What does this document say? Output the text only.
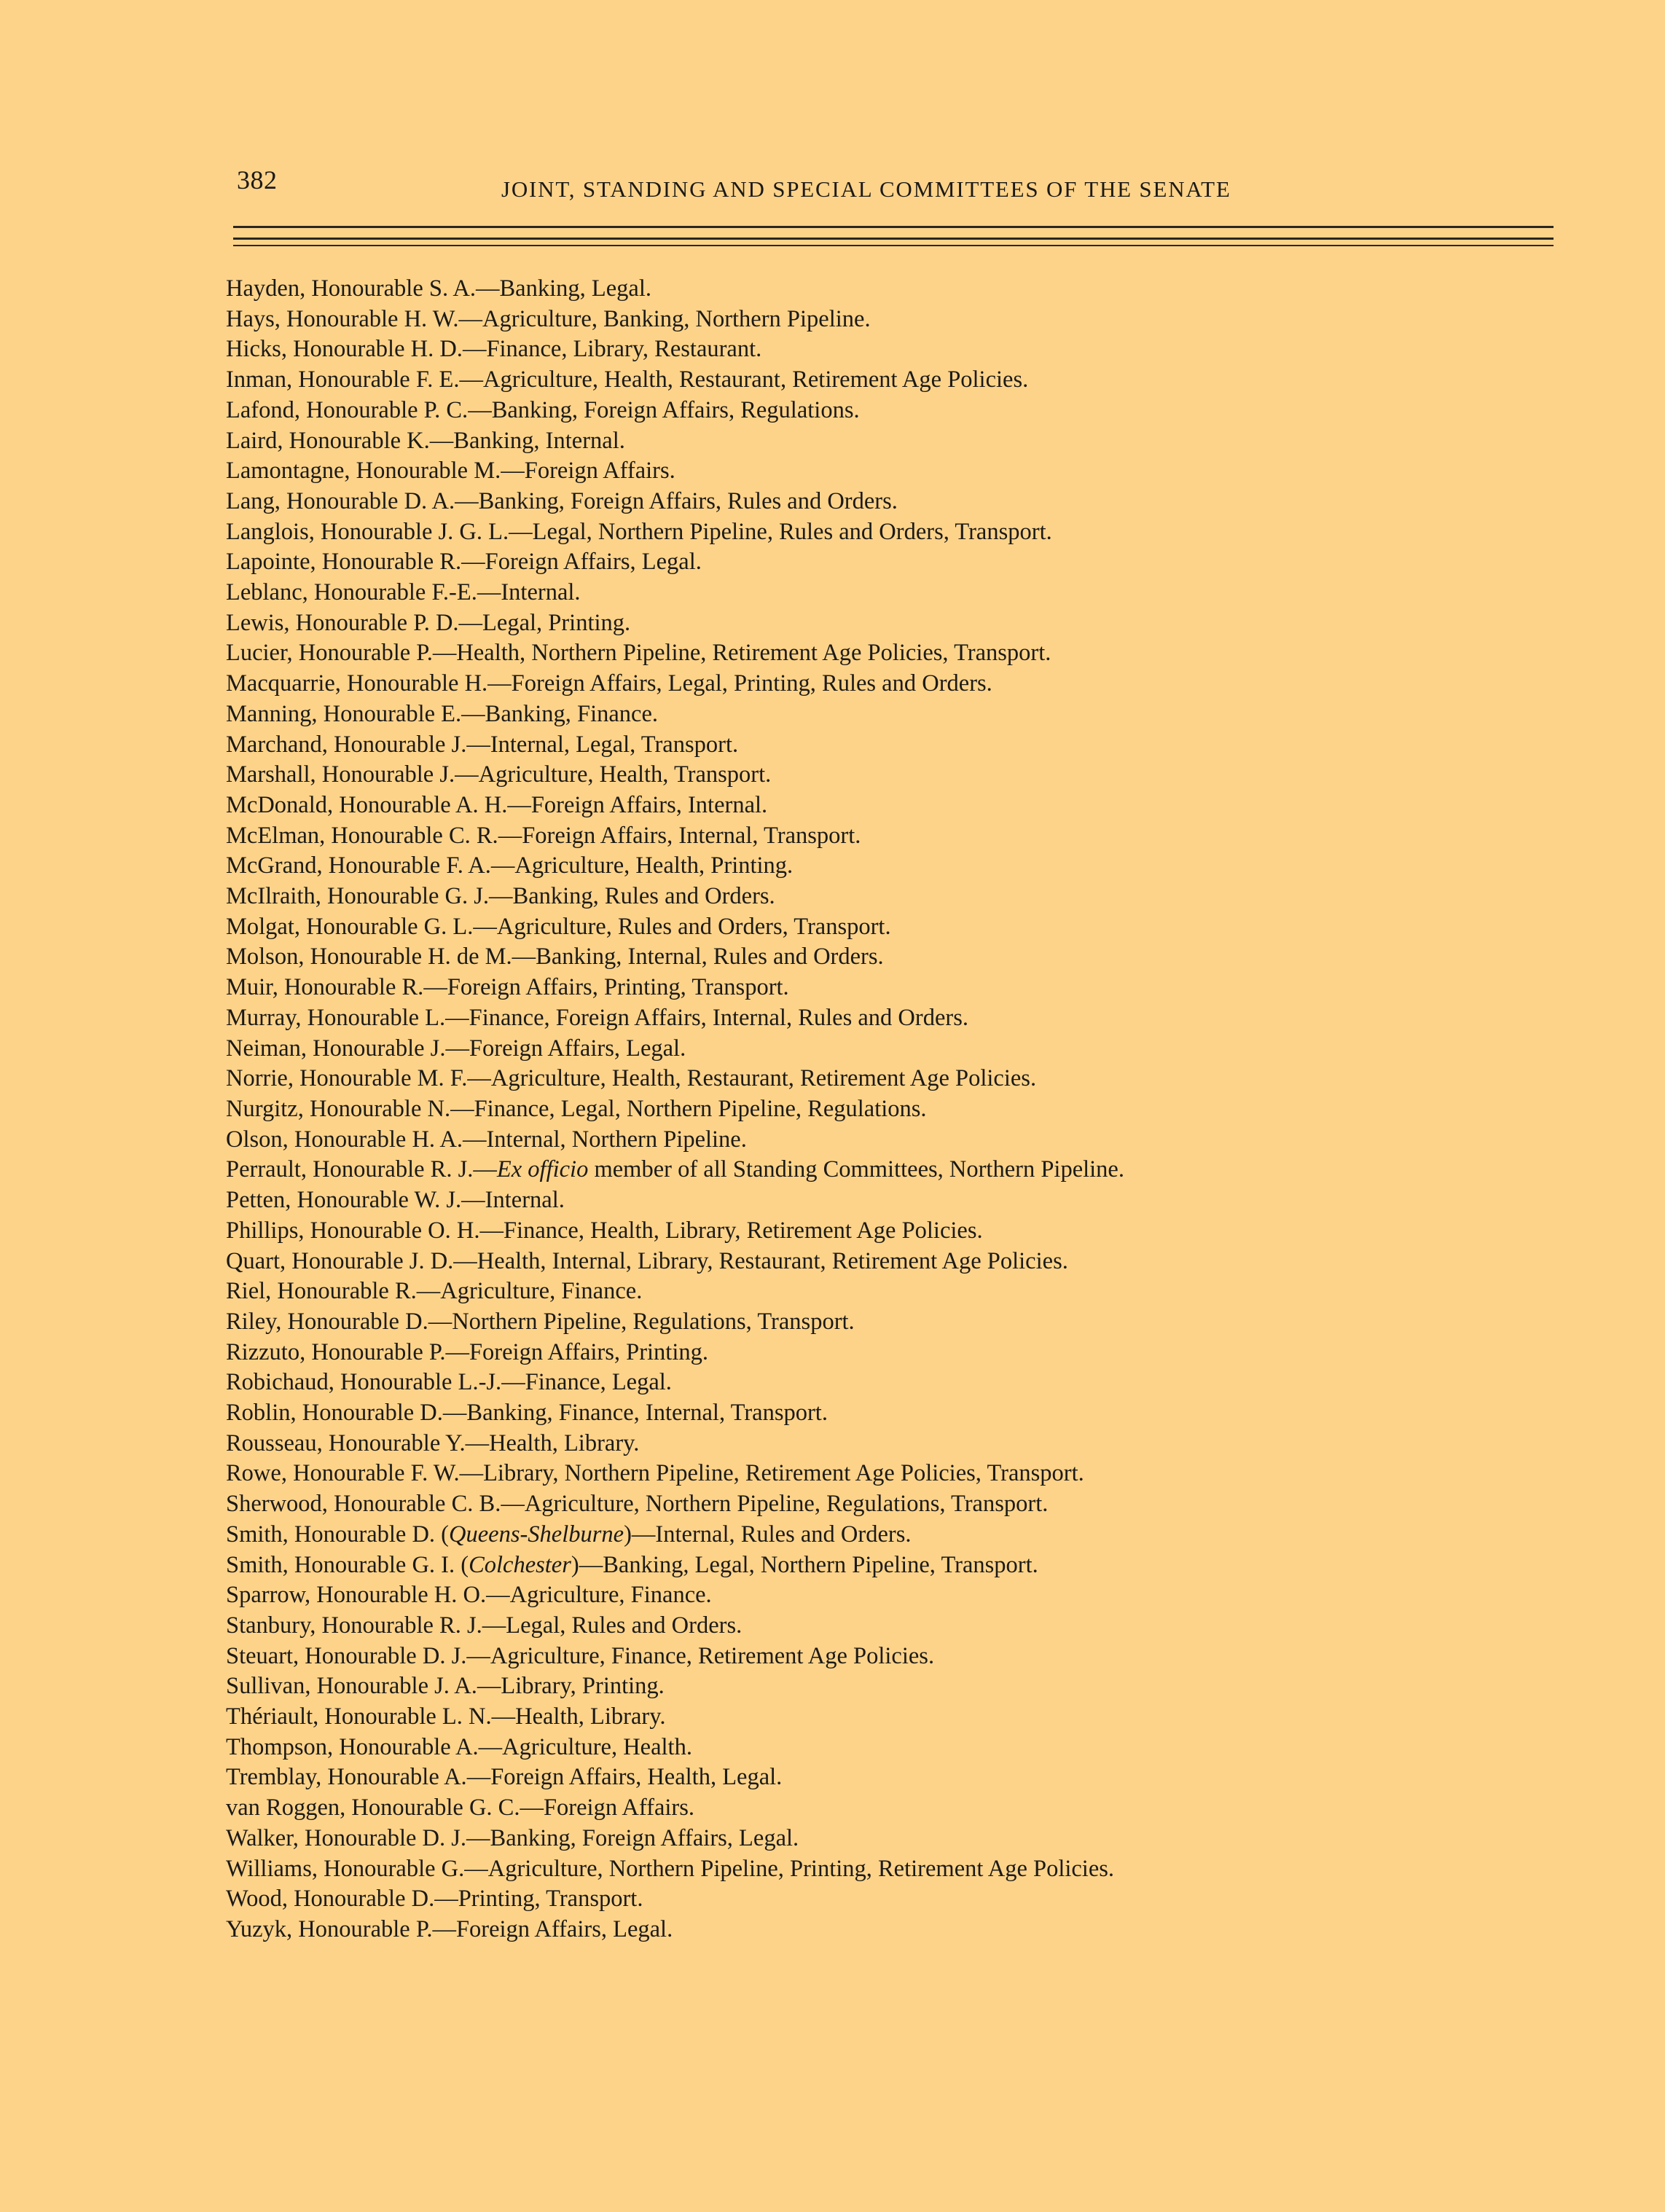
382	JOINT, STANDING AND SPECIAL COMMITTEES OF THE SENATE
Hayden, Honourable S. A.—Banking, Legal.
Hays, Honourable H. W.—Agriculture, Banking, Northern Pipeline.
Hicks, Honourable H. D.—Finance, Library, Restaurant.
Inman, Honourable F. E.—Agriculture, Health, Restaurant, Retirement Age Policies.
Lafond, Honourable P. C.—Banking, Foreign Affairs, Regulations.
Laird, Honourable K.—Banking, Internal.
Lamontagne, Honourable M.—Foreign Affairs.
Lang, Honourable D. A.—Banking, Foreign Affairs, Rules and Orders.
Langlois, Honourable J. G. L.—Legal, Northern Pipeline, Rules and Orders, Transport.
Lapointe, Honourable R.—Foreign Affairs, Legal.
Leblanc, Honourable F.-E.—Internal.
Lewis, Honourable P. D.—Legal, Printing.
Lucier, Honourable P.—Health, Northern Pipeline, Retirement Age Policies, Transport.
Macquarrie, Honourable H.—Foreign Affairs, Legal, Printing, Rules and Orders.
Manning, Honourable E.—Banking, Finance.
Marchand, Honourable J.—Internal, Legal, Transport.
Marshall, Honourable J.—Agriculture, Health, Transport.
McDonald, Honourable A. H.—Foreign Affairs, Internal.
McElman, Honourable C. R.—Foreign Affairs, Internal, Transport.
McGrand, Honourable F. A.—Agriculture, Health, Printing.
McIlraith, Honourable G. J.—Banking, Rules and Orders.
Molgat, Honourable G. L.—Agriculture, Rules and Orders, Transport.
Molson, Honourable H. de M.—Banking, Internal, Rules and Orders.
Muir, Honourable R.—Foreign Affairs, Printing, Transport.
Murray, Honourable L.—Finance, Foreign Affairs, Internal, Rules and Orders.
Neiman, Honourable J.—Foreign Affairs, Legal.
Norrie, Honourable M. F.—Agriculture, Health, Restaurant, Retirement Age Policies.
Nurgitz, Honourable N.—Finance, Legal, Northern Pipeline, Regulations.
Olson, Honourable H. A.—Internal, Northern Pipeline.
Perrault, Honourable R. J.—Ex officio member of all Standing Committees, Northern Pipeline.
Petten, Honourable W. J.—Internal.
Phillips, Honourable O. H.—Finance, Health, Library, Retirement Age Policies.
Quart, Honourable J. D.—Health, Internal, Library, Restaurant, Retirement Age Policies.
Riel, Honourable R.—Agriculture, Finance.
Riley, Honourable D.—Northern Pipeline, Regulations, Transport.
Rizzuto, Honourable P.—Foreign Affairs, Printing.
Robichaud, Honourable L.-J.—Finance, Legal.
Roblin, Honourable D.—Banking, Finance, Internal, Transport.
Rousseau, Honourable Y.—Health, Library.
Rowe, Honourable F. W.—Library, Northern Pipeline, Retirement Age Policies, Transport.
Sherwood, Honourable C. B.—Agriculture, Northern Pipeline, Regulations, Transport.
Smith, Honourable D. (Queens-Shelburne)—Internal, Rules and Orders.
Smith, Honourable G. I. (Colchester)—Banking, Legal, Northern Pipeline, Transport.
Sparrow, Honourable H. O.—Agriculture, Finance.
Stanbury, Honourable R. J.—Legal, Rules and Orders.
Steuart, Honourable D. J.—Agriculture, Finance, Retirement Age Policies.
Sullivan, Honourable J. A.—Library, Printing.
Thériault, Honourable L. N.—Health, Library.
Thompson, Honourable A.—Agriculture, Health.
Tremblay, Honourable A.—Foreign Affairs, Health, Legal.
van Roggen, Honourable G. C.—Foreign Affairs.
Walker, Honourable D. J.—Banking, Foreign Affairs, Legal.
Williams, Honourable G.—Agriculture, Northern Pipeline, Printing, Retirement Age Policies.
Wood, Honourable D.—Printing, Transport.
Yuzyk, Honourable P.—Foreign Affairs, Legal.
